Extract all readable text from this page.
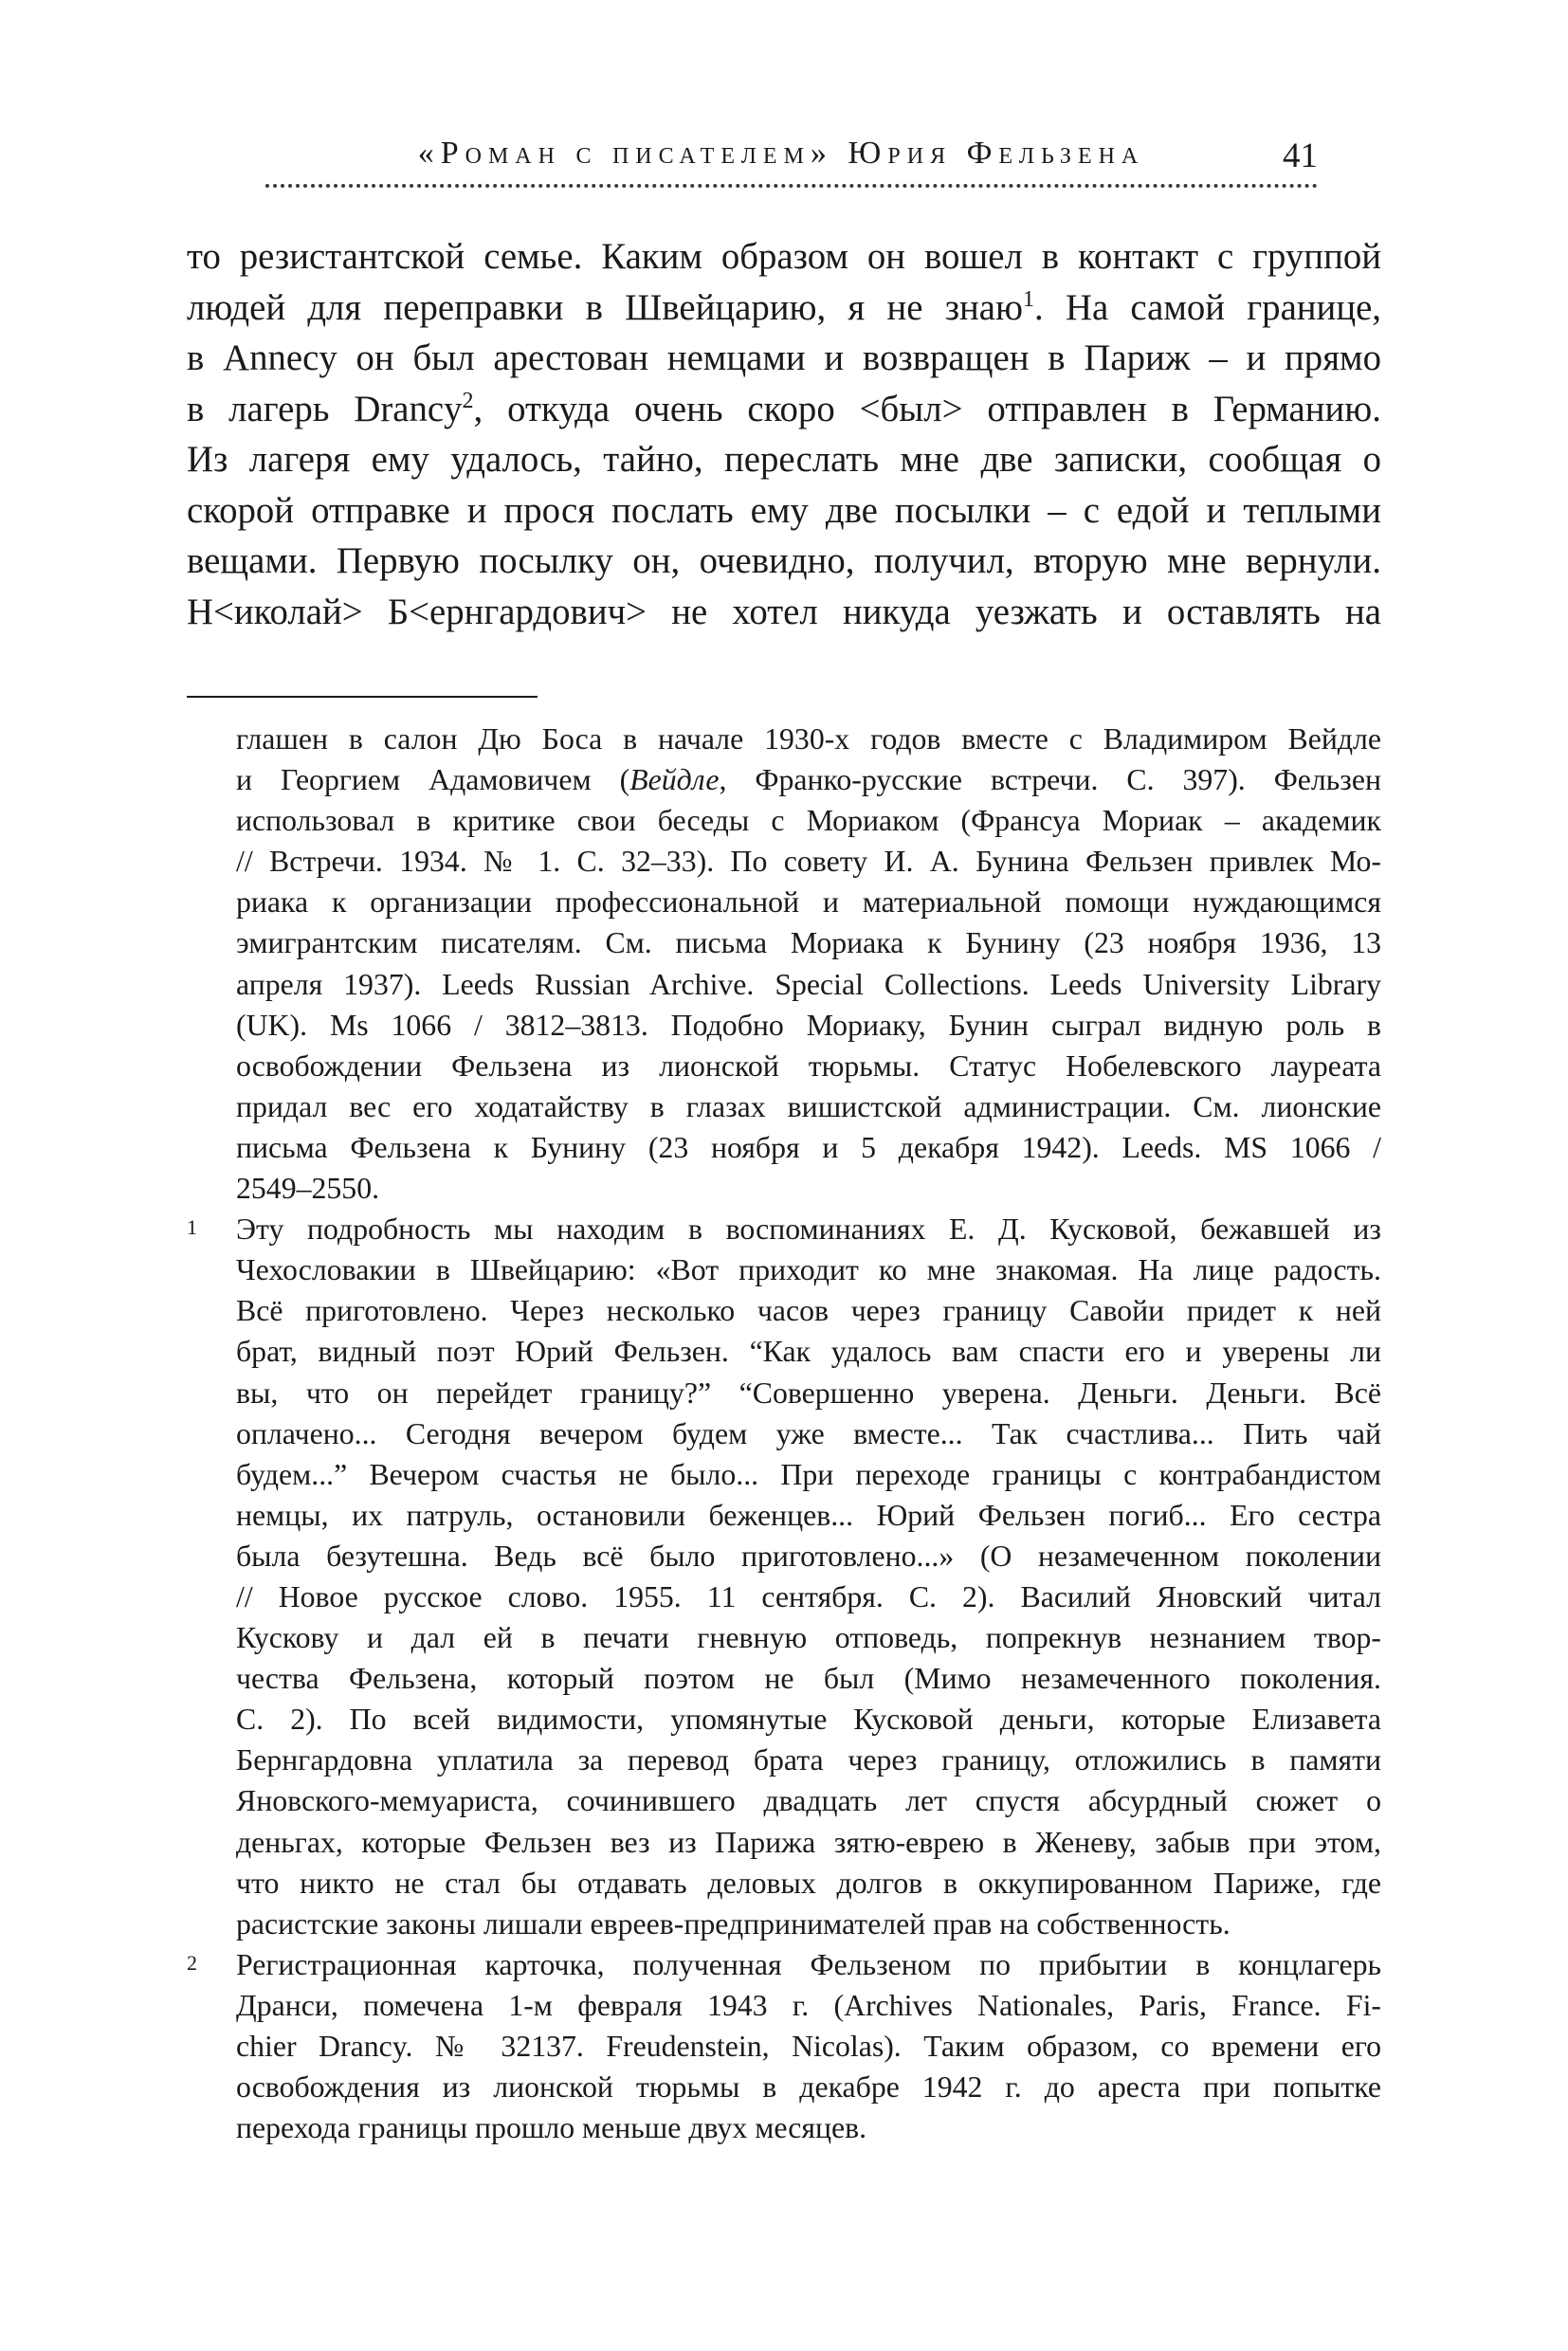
«Роман с писателем» Юрия Фельзена	41
то резистантской семье. Каким образом он вошел в контакт с группой
людей для переправки в Швейцарию, я не знаю$^1$. На самой границе,
в Annecy он был арестован немцами и возвращен в Париж – и прямо
в лагерь Drancy$^2$, откуда очень скоро <был> отправлен в Германию.
Из лагеря ему удалось, тайно, переслать мне две записки, сообщая о
скорой отправке и прося послать ему две посылки – с едой и теплыми
вещами. Первую посылку он, очевидно, получил, вторую мне вернули.
Н<иколай> Б<ернгардович> не хотел никуда уезжать и оставлять на
глашен в салон Дю Боса в начале 1930-х годов вместе с Владимиром Вейдле
и Георгием Адамовичем (Вейдле, Франко-русские встречи. С. 397). Фельзен
использовал в критике свои беседы с Мориаком (Франсуа Мориак – академик
// Встречи. 1934. № 1. С. 32–33). По совету И. А. Бунина Фельзен привлек Мо-
риака к организации профессиональной и материальной помощи нуждающимся
эмигрантским писателям. См. письма Мориака к Бунину (23 ноября 1936, 13
апреля 1937). Leeds Russian Archive. Special Collections. Leeds University Library
(UK). Ms 1066 / 3812–3813. Подобно Мориаку, Бунин сыграл видную роль в
освобождении Фельзена из лионской тюрьмы. Статус Нобелевского лауреата
придал вес его ходатайству в глазах вишистской администрации. См. лионские
письма Фельзена к Бунину (23 ноября и 5 декабря 1942). Leeds. MS 1066 /
2549–2550.
1 Эту подробность мы находим в воспоминаниях Е. Д. Кусковой, бежавшей из
Чехословакии в Швейцарию: «Вот приходит ко мне знакомая. На лице радость.
Всё приготовлено. Через несколько часов через границу Савойи придет к ней
брат, видный поэт Юрий Фельзен. “Как удалось вам спасти его и уверены ли
вы, что он перейдет границу?” “Совершенно уверена. Деньги. Деньги. Всё
оплачено... Сегодня вечером будем уже вместе... Так счастлива... Пить чай
будем...” Вечером счастья не было... При переходе границы с контрабандистом
немцы, их патруль, остановили беженцев... Юрий Фельзен погиб... Его сестра
была безутешна. Ведь всё было приготовлено...» (О незамеченном поколении
// Новое русское слово. 1955. 11 сентября. С. 2). Василий Яновский читал
Кускову и дал ей в печати гневную отповедь, попрекнув незнанием твор-
чества Фельзена, который поэтом не был (Мимо незамеченного поколения.
С. 2). По всей видимости, упомянутые Кусковой деньги, которые Елизавета
Бернгардовна уплатила за перевод брата через границу, отложились в памяти
Яновского-мемуариста, сочинившего двадцать лет спустя абсурдный сюжет о
деньгах, которые Фельзен вез из Парижа зятю-еврею в Женеву, забыв при этом,
что никто не стал бы отдавать деловых долгов в оккупированном Париже, где
расистские законы лишали евреев-предпринимателей прав на собственность.
2 Регистрационная карточка, полученная Фельзеном по прибытии в концлагерь
Дранси, помечена 1-м февраля 1943 г. (Archives Nationales, Paris, France. Fi-
chier Drancy. № 32137. Freudenstein, Nicolas). Таким образом, со времени его
освобождения из лионской тюрьмы в декабре 1942 г. до ареста при попытке
перехода границы прошло меньше двух месяцев.
